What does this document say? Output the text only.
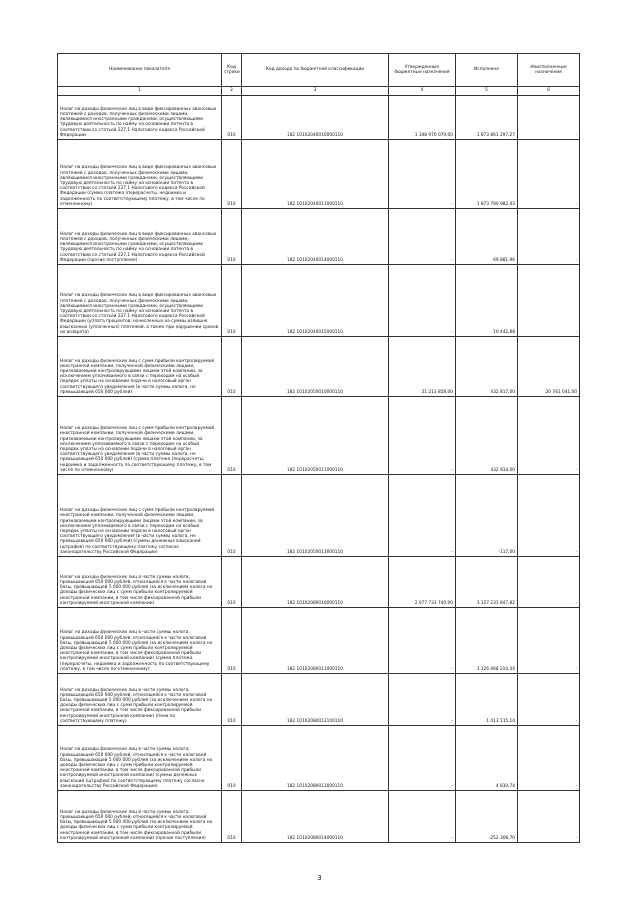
Наименование показателя	Код строки	Код дохода по бюджетной классификации	Утвержденные бюджетные назначения	Исполнено	Неисполненные назначения
1	2	3	4	5	6
Налог на доходы физических лиц в виде фиксированных авансовых платежей с доходов, полученных физическими лицами, являющимися иностранными гражданами, осуществляющими трудовую деятельность по найму на основании патента в соответствии со статьей 227.1 Налогового кодекса Российской Федерации	010	182 10102040010000110	1 348 970 070,00	1 873 861 297,27	-
Налог на доходы физических лиц в виде фиксированных авансовых платежей с доходов, полученных физическими лицами, являющимися иностранными гражданами, осуществляющими трудовую деятельность по найму на основании патента в соответствии со статьей 227.1 Налогового кодекса Российской Федерации (сумма платежа (перерасчеты, недоимка и задолженность по соответствующему платежу, в том числе по отмененному)	010	182 10102040011000110	-	1 873 780 982,43	-
Налог на доходы физических лиц в виде фиксированных авансовых платежей с доходов, полученных физическими лицами, являющимися иностранными гражданами, осуществляющими трудовую деятельность по найму на основании патента в соответствии со статьей 227.1 Налогового кодекса Российской Федерации (прочие поступления)	010	182 10102040014000110	-	69 881,96	-
Налог на доходы физических лиц в виде фиксированных авансовых платежей с доходов, полученных физическими лицами, являющимися иностранными гражданами, осуществляющими трудовую деятельность по найму на основании патента в соответствии со статьей 227.1 Налогового кодекса Российской Федерации (уплата процентов, начисленных на суммы излишне взысканных (уплаченных) платежей, а также при нарушении сроков их возврата)	010	182 10102040015000110	-	10 442,88	-
Налог на доходы физических лиц с сумм прибыли контролируемой иностранной компании, полученной физическими лицами, признаваемыми контролирующими лицами этой компании, за исключением уплачиваемого в связи с переходом на особый порядок уплаты на основании подачи в налоговый орган соответствующего уведомления (в части суммы налога, не превышающей 650 000 рублей)	010	182 10102050010000110	21 213 858,00	432 817,00	20 781 041,00
Налог на доходы физических лиц с сумм прибыли контролируемой иностранной компании, полученной физическими лицами, признаваемыми контролирующими лицами этой компании, за исключением уплачиваемого в связи с переходом на особый порядок уплаты на основании подачи в налоговый орган соответствующего уведомления (в части суммы налога, не превышающей 650 000 рублей) (сумма платежа (перерасчеты, недоимка и задолженность по соответствующему платежу, в том числе по отмененному)	010	182 10102050011000110	-	432 934,00	-
Налог на доходы физических лиц с сумм прибыли контролируемой иностранной компании, полученной физическими лицами, признаваемыми контролирующими лицами этой компании, за исключением уплачиваемого в связи с переходом на особый порядок уплаты на основании подачи в налоговый орган соответствующего уведомления (в части суммы налога, не превышающей 650 000 рублей) (суммы денежных взысканий (штрафов) по соответствующему платежу согласно законодательству Российской Федерации)	010	182 10102050013000110	-	-117,00	-
Налог на доходы физических лиц в части суммы налога, превышающей 650 000 рублей, относящейся к части налоговой базы, превышающей 5 000 000 рублей (за исключением налога на доходы физических лиц с сумм прибыли контролируемой иностранной компании, в том числе фиксированной прибыли контролируемой иностранной компании)	010	182 10102080010000110	2 077 733 740,00	3 127 231 847,82	-
Налог на доходы физических лиц в части суммы налога, превышающей 650 000 рублей, относящейся к части налоговой базы, превышающей 5 000 000 рублей (за исключением налога на доходы физических лиц с сумм прибыли контролируемой иностранной компании, в том числе фиксированной прибыли контролируемой иностранной компании) (сумма платежа (перерасчеты, недоимка и задолженность по соответствующему платежу, в том числе по отмененному)	010	182 10102080011000110	-	3 126 068 210,44	-
Налог на доходы физических лиц в части суммы налога, превышающей 650 000 рублей, относящейся к части налоговой базы, превышающей 5 000 000 рублей (за исключением налога на доходы физических лиц с сумм прибыли контролируемой иностранной компании, в том числе фиксированной прибыли контролируемой иностранной компании) (пени по соответствующему платежу)	010	182 10102080012100110	-	1 413 115,14	-
Налог на доходы физических лиц в части суммы налога, превышающей 650 000 рублей, относящейся к части налоговой базы, превышающей 5 000 000 рублей (за исключением налога на доходы физических лиц с сумм прибыли контролируемой иностранной компании, в том числе фиксированной прибыли контролируемой иностранной компании) (суммы денежных взысканий (штрафов) по соответствующему платежу согласно законодательству Российской Федерации)	010	182 10102080013000110	-	4 830,74	-
Налог на доходы физических лиц в части суммы налога, превышающей 650 000 рублей, относящейся к части налоговой базы, превышающей 5 000 000 рублей (за исключением налога на доходы физических лиц с сумм прибыли контролируемой иностранной компании, в том числе фиксированной прибыли контролируемой иностранной компании) (прочие поступления)	010	182 10102080014000110	-	-252 308,70	-
3
